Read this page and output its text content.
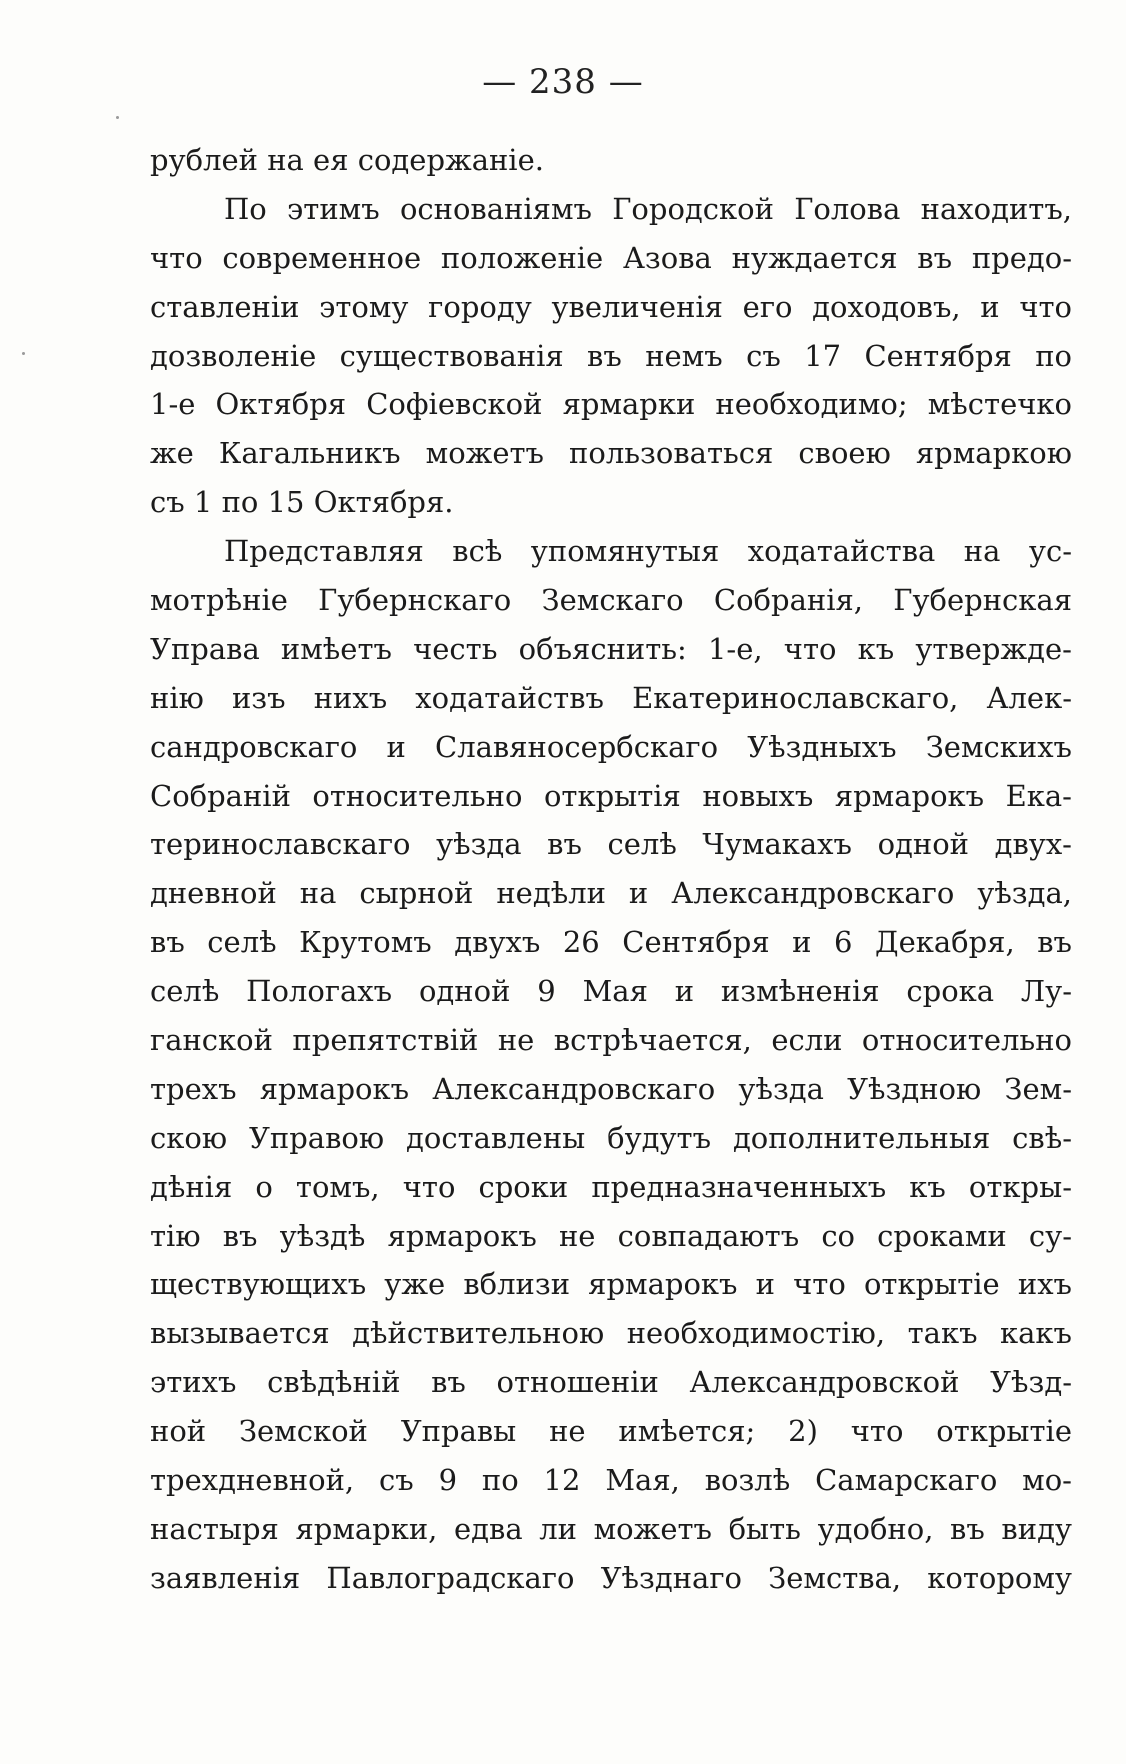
— 238 —
рублей на ея содержаніе.
По этимъ основаніямъ Городской Голова находитъ,
что современное положеніе Азова нуждается въ предо-
ставленіи этому городу увеличенія его доходовъ, и что
дозволеніе существованія въ немъ съ 17 Сентября по
1-е Октября Софіевской ярмарки необходимо; мѣстечко
же Кагальникъ можетъ пользоваться своею ярмаркою
съ 1 по 15 Октября.
Представляя всѣ упомянутыя ходатайства на ус-
мотрѣніе Губернскаго Земскаго Собранія, Губернская
Управа имѣетъ честь объяснить: 1-е, что къ утвержде-
нію изъ нихъ ходатайствъ Екатеринославскаго, Алек-
сандровскаго и Славяносербскаго Уѣздныхъ Земскихъ
Собраній относительно открытія новыхъ ярмарокъ Ека-
теринославскаго уѣзда въ селѣ Чумакахъ одной двух-
дневной на сырной недѣли и Александровскаго уѣзда,
въ селѣ Крутомъ двухъ 26 Сентября и 6 Декабря, въ
селѣ Пологахъ одной 9 Мая и измѣненія срока Лу-
ганской препятствій не встрѣчается, если относительно
трехъ ярмарокъ Александровскаго уѣзда Уѣздною Зем-
скою Управою доставлены будутъ дополнительныя свѣ-
дѣнія о томъ, что сроки предназначенныхъ къ откры-
тію въ уѣздѣ ярмарокъ не совпадаютъ со сроками су-
ществующихъ уже вблизи ярмарокъ и что открытіе ихъ
вызывается дѣйствительною необходимостію, такъ какъ
этихъ свѣдѣній въ отношеніи Александровской Уѣзд-
ной Земской Управы не имѣется; 2) что открытіе
трехдневной, съ 9 по 12 Мая, возлѣ Самарскаго мо-
настыря ярмарки, едва ли можетъ быть удобно, въ виду
заявленія Павлоградскаго Уѣзднаго Земства, которому
